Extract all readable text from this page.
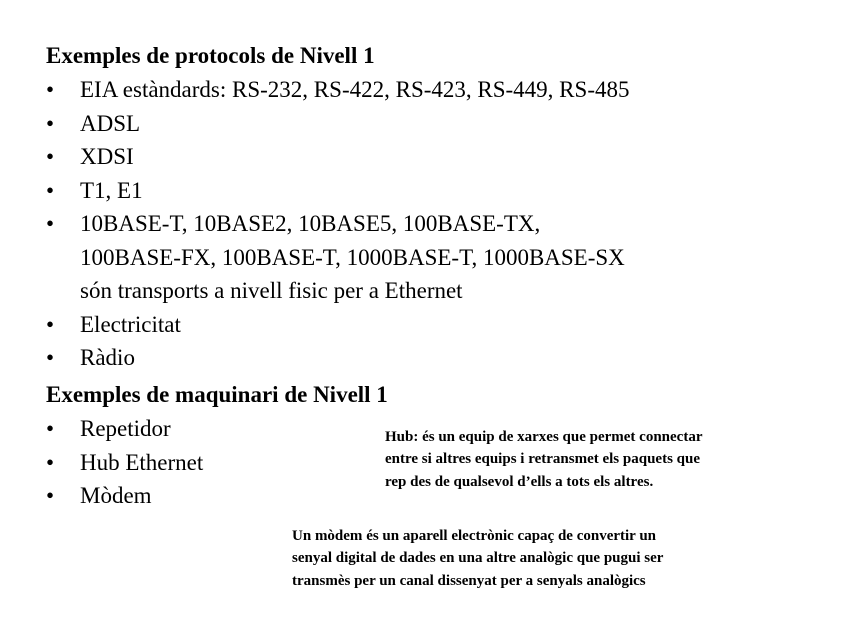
Exemples de protocols de Nivell 1
• EIA estàndards: RS-232, RS-422, RS-423, RS-449, RS-485
• ADSL
• XDSI
• T1, E1
• 10BASE-T, 10BASE2, 10BASE5, 100BASE-TX,
100BASE-FX, 100BASE-T, 1000BASE-T, 1000BASE-SX
són transports a nivell fisic per a Ethernet
• Electricitat
• Ràdio
Exemples de maquinari de Nivell 1
• Repetidor
• Hub Ethernet
• Mòdem
Hub: és un equip de xarxes que permet connectar
entre si altres equips i retransmet els paquets que
rep des de qualsevol d’ells a tots els altres.
Un mòdem és un aparell electrònic capaç de convertir un
senyal digital de dades en una altre analògic que pugui ser
transmès per un canal dissenyat per a senyals analògics
